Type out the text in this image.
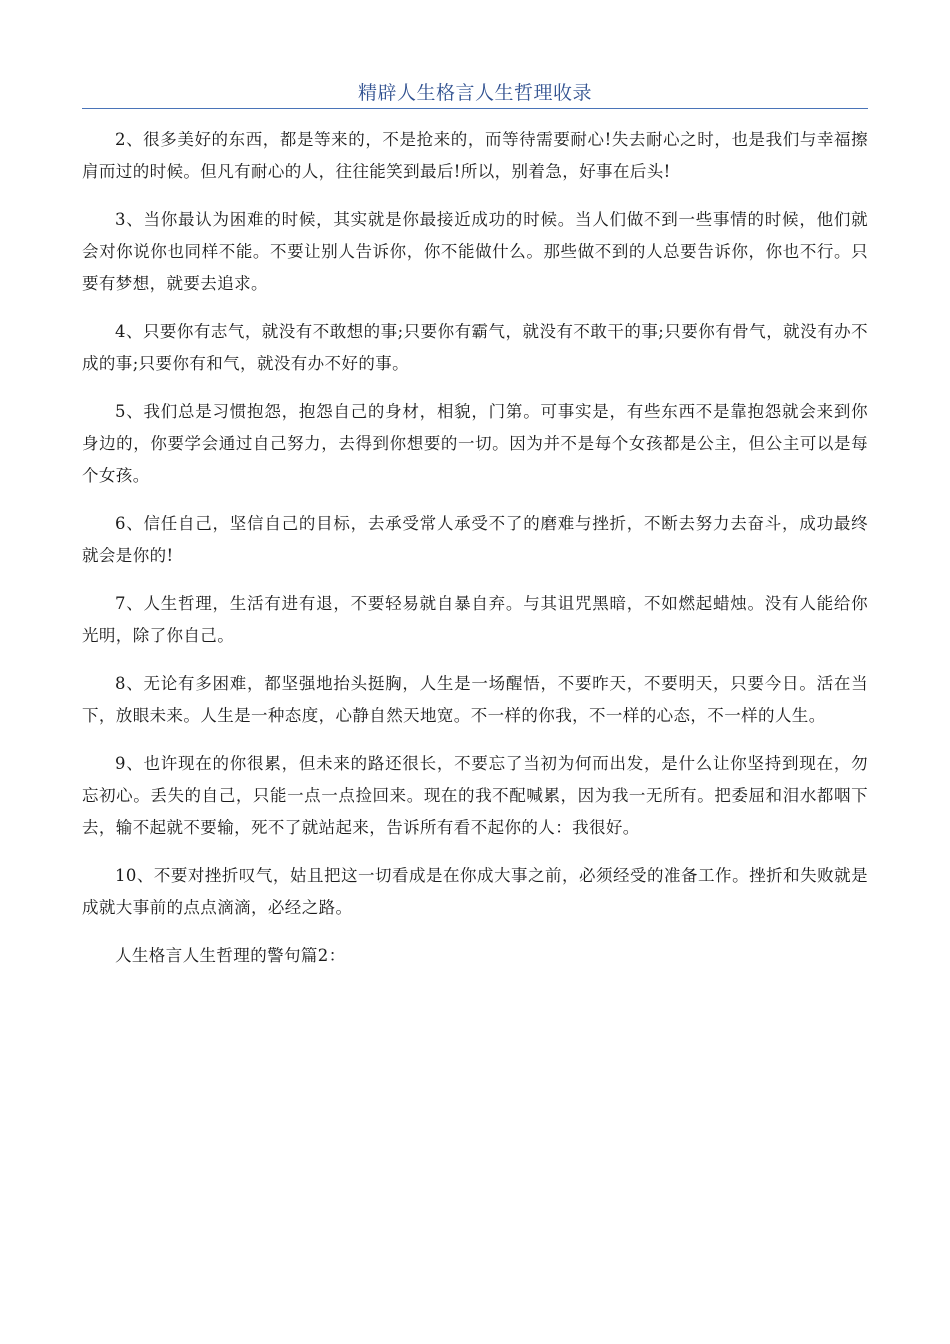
精辟人生格言人生哲理收录

2、很多美好的东西，都是等来的，不是抢来的，而等待需要耐心!失去耐心之时，也是我们与幸福擦肩而过的时候。但凡有耐心的人，往往能笑到最后!所以，别着急，好事在后头!

3、当你最认为困难的时候，其实就是你最接近成功的时候。当人们做不到一些事情的时候，他们就会对你说你也同样不能。不要让别人告诉你，你不能做什么。那些做不到的人总要告诉你，你也不行。只要有梦想，就要去追求。

4、只要你有志气，就没有不敢想的事;只要你有霸气，就没有不敢干的事;只要你有骨气，就没有办不成的事;只要你有和气，就没有办不好的事。

5、我们总是习惯抱怨，抱怨自己的身材，相貌，门第。可事实是，有些东西不是靠抱怨就会来到你身边的，你要学会通过自己努力，去得到你想要的一切。因为并不是每个女孩都是公主，但公主可以是每个女孩。

6、信任自己，坚信自己的目标，去承受常人承受不了的磨难与挫折，不断去努力去奋斗，成功最终就会是你的!

7、人生哲理，生活有进有退，不要轻易就自暴自弃。与其诅咒黑暗，不如燃起蜡烛。没有人能给你光明，除了你自己。

8、无论有多困难，都坚强地抬头挺胸，人生是一场醒悟，不要昨天，不要明天，只要今日。活在当下，放眼未来。人生是一种态度，心静自然天地宽。不一样的你我，不一样的心态，不一样的人生。

9、也许现在的你很累，但未来的路还很长，不要忘了当初为何而出发，是什么让你坚持到现在，勿忘初心。丢失的自己，只能一点一点捡回来。现在的我不配喊累，因为我一无所有。把委屈和泪水都咽下去，输不起就不要输，死不了就站起来，告诉所有看不起你的人：我很好。

10、不要对挫折叹气，姑且把这一切看成是在你成大事之前，必须经受的准备工作。挫折和失败就是成就大事前的点点滴滴，必经之路。

人生格言人生哲理的警句篇2：
